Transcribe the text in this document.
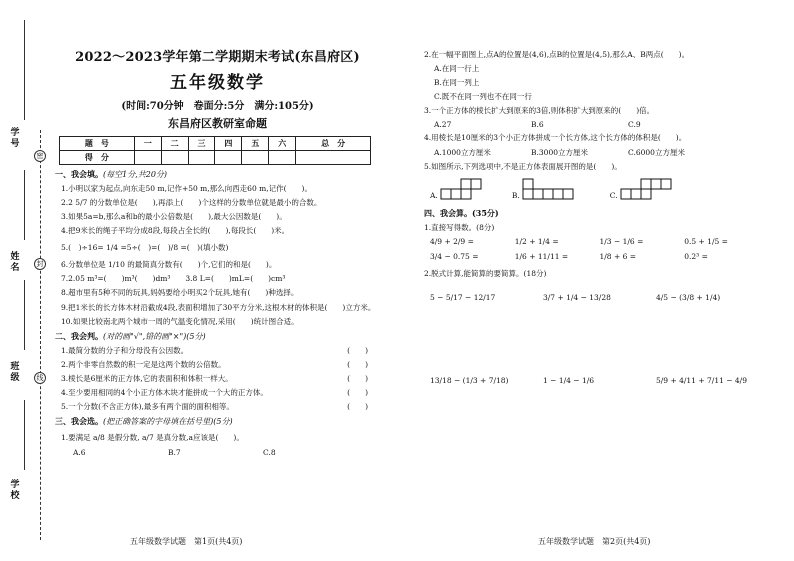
学号
姓名
班级
学校
密
封
线
2022～2023学年第二学期期末考试(东昌府区)
五年级数学
(时间:70分钟　卷面分:5分　满分:105分)
东昌府区教研室命题
题　号	一	二	三	四	五	六	总　分
得　分							
一、我会填。(每空1分,共20分)
1.小明以家为起点,向东走50 m,记作+50 m,那么向西走60 m,记作(　　)。
2.2 5/7 的分数单位是(　　),再添上(　　)个这样的分数单位就是最小的合数。
3.如果5a=b,那么a和b的最小公倍数是(　　),最大公因数是(　　)。
4.把9米长的绳子平均分成8段,每段占全长的(　　),每段长(　　)米。
5.(　)÷16= 1/4 =5÷(　)=(　)/8 =(　)(填小数)
6.分数单位是 1/10 的最简真分数有(　　)个,它们的和是(　　)。
7.2.05 m³=(　　)m³(　　)dm³　　3.8 L=(　　)mL=(　　)cm³
8.超市里有5种不同的玩具,妈妈要给小明买2个玩具,她有(　　)种选择。
9.把1米长的长方体木材沿截成4段,表面积增加了30平方分米,这根木材的体积是(　　)立方米。
10.如果比较南北两个城市一周的气温变化情况,采用(　　)统计图合适。
二、我会判。(对的画"√",错的画"×")(5分)
1.最简分数的分子和分母没有公因数。	(　　)
2.两个非零自然数的积一定是这两个数的公倍数。	(　　)
3.棱长是6厘米的正方体,它的表面积和体积一样大。	(　　)
4.至少要用相同的4个小正方体木块才能拼成一个大的正方体。	(　　)
5.一个分数(不含正方体),最多有两个面的面积相等。	(　　)
三、我会选。(把正确答案的字母填在括号里)(5分)
1.要满足 a/8 是假分数, a/7 是真分数,a应该是(　　)。
A.6	B.7	C.8
五年级数学试题　第1页(共4页)
2.在一幅平面图上,点A的位置是(4,6),点B的位置是(4,5),那么A、B两点(　　)。
A.在同一行上
B.在同一列上
C.既不在同一列也不在同一行
3.一个正方体的棱长扩大到原来的3倍,则体积扩大到原来的(　　)倍。
A.27	B.6	C.9
4.用棱长是10厘米的3个小正方体拼成一个长方体,这个长方体的体积是(　　)。
A.1000立方厘米	B.3000立方厘米	C.6000立方厘米
5.如图所示,下列选项中,不是正方体表面展开图的是(　　)。
A.	B.	C.
四、我会算。(35分)
1.直接写得数。(8分)
4/9 + 2/9 =	1/2 + 1/4 =	1/3 − 1/6 =	0.5 + 1/5 =
3/4 − 0.75 =	1/6 + 11/11 =	1/8 + 6 =	0.2³ =
2.脱式计算,能简算的要简算。(18分)
5 − 5/17 − 12/17	3/7 + 1/4 − 13/28	4/5 − (3/8 + 1/4)
13/18 − (1/3 + 7/18)	1 − 1/4 − 1/6	5/9 + 4/11 + 7/11 − 4/9
五年级数学试题　第2页(共4页)
